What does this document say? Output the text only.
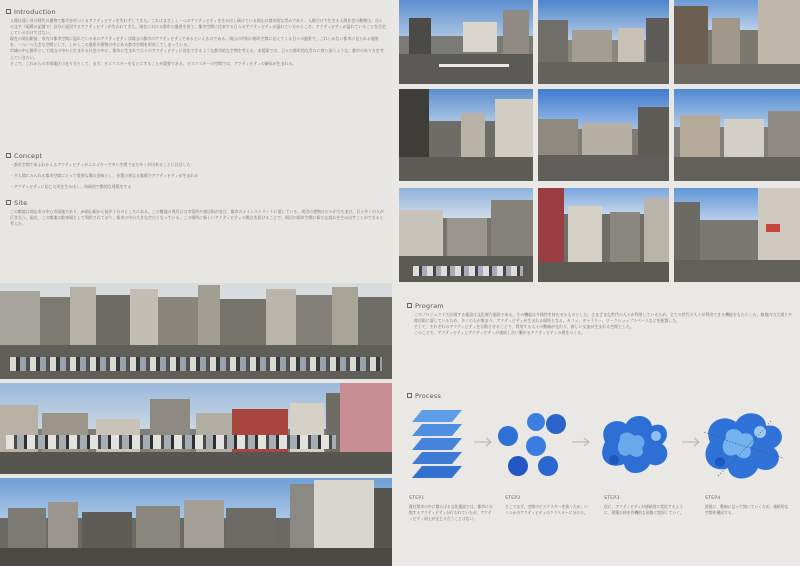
Introduction
人類は遠い昔の時代の遺物で都市を形づくるアクティビティを失わずしてきた。これはまさしく一つのアクティビティを生み出し続けている岡山の都市的な営みであり、人類だけで生きる人間社会の動物は、自らの文字（現場の記憶で）自分に起因するアクティビティが失われてきた。現在における都市の風景を見て、都市空間に往来する日々のアクティビティが溢れているからこそ、アクティビティが溢れていることを否定しているわけではない。
現在の岡山駅前、市内の都市空間に溢れているあのアクティビティは岡山の都市のアクティビティであるといえるのである。岡山の市街の都市空間に見えてくる日々の風景で、これしかない都市に見られる風景を、一つ一つ大きな空間として、しかしこの風景の建物の中にある都市空間を形成してしまっている。
市域の中心都市として岡山の中から生まれる社会の中に、都市に生まれて日々のアクティビティに対応できるような都市的な空間を考える。本提案では、日々の都市的な営みに寄り添うような、都市のあり方を考えていきたい。
そこで、これからの市街地区の在り方として、まず、ビスクスキーをもとにすることが重要である。ビスクスキーの空間では、アクティビティの継承が生まれる。
Concept
・都市空間であふれかえるアクティビティがエルゴキーで多い空間でまだ多くが出来ることに注目した
・多人間にみられる都市空間にとって重要な場の意味とし、位置の異なる集積でアクティビティが生まれる
・アクティビティに応じた形を生み出し、持続的で動的な建築をする
Site
この敷地は岡山市の中心市街地であり、JR岡山駅から徒歩十分のところにある。この敷地の周辺には市役所や商店街が並び、都市のメインストリートに面している。周辺の建物はビルが立ち並び、日々多くの人が行き交う。現在、この敷地は駐車場として利用されており、都市の中の大きな空白となっている。この場所に新しいアクティビティの拠点を設けることで、周辺の都市空間に新たな流れを生み出すことができると考えた。
Program
このプロジェクトで計画する施設は文化複合施設である。その機能は多様性を持たせるものとした。さまざまな世代の人々が利用しているため、全ての世代の人々が利用できる機能をもたらした。敷地内は大通りや商店街に面しているため、多くの人が集まり、アクティビティが生まれる場所となる。カフェ、ギャラリー、ワークショップスペースなどを配置した。
そして、それぞれのアクティビティを分散させることで、利用する人々の動線が交わり、新しい交流が生まれる空間とした。
このことで、アクティビティとアクティビティが連続し合い繋がるアクティビティの場をつくる。
Process
STEP1
既往都市の中に散らばる文化施設では、都市に分散するアクティビティが行われていたが、アクティビティ同士が交じり合うことはない。
STEP2
そこでまず、空間のビスクスキーを抜くため、いくつかのアクティビティのクラスターに分ける。
STEP3
次に、アクティビティが連続的に変化するように、建築自体を有機的な形態に変形していく。
STEP4
最後に、動線に沿って開いていくため、連続的な空間を構成する。
